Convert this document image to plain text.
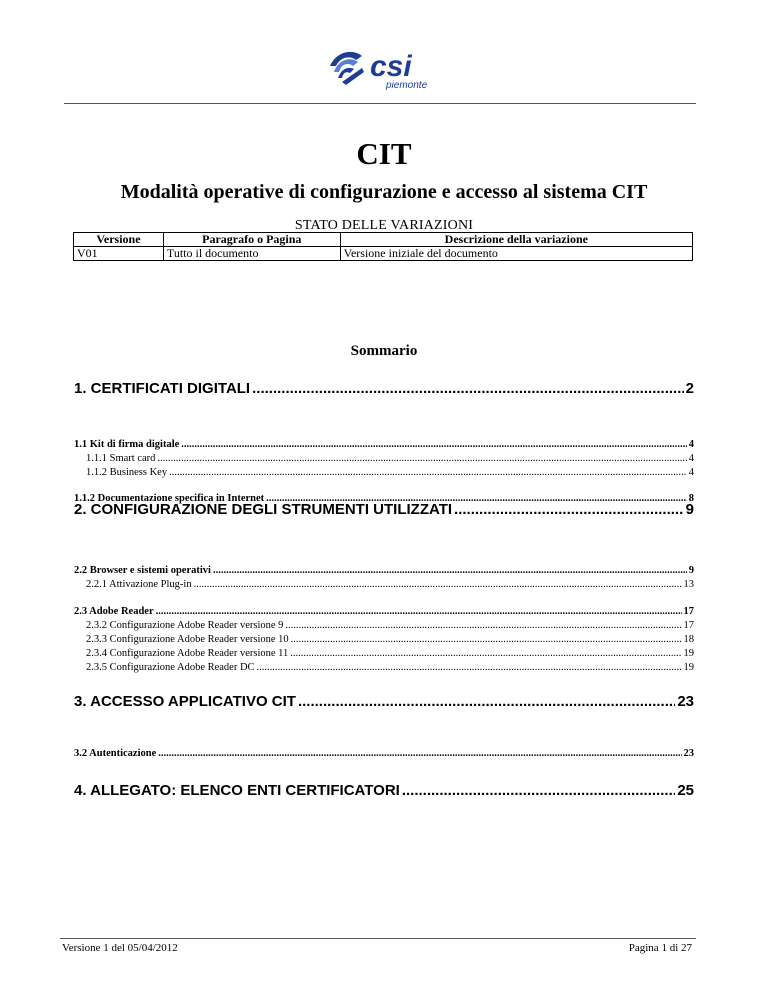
csi
piemonte
CIT
Modalità operative di configurazione e accesso al sistema CIT
STATO DELLE VARIAZIONI
Versione	Paragrafo o Pagina	Descrizione della variazione
V01	Tutto il documento	Versione iniziale del documento
Sommario
Versione 1 del 05/04/2012	Pagina 1 di 27
1. CERTIFICATI DIGITALI .....	2
1.1 Kit di firma digitale .....	4
1.1.1 Smart card .....	4
1.1.2 Business Key .....	4
1.1.2 Documentazione specifica in Internet .....	8
2. CONFIGURAZIONE DEGLI STRUMENTI UTILIZZATI .....	9
2.2 Browser e sistemi operativi .....	9
2.2.1 Attivazione Plug-in .....	13
2.3 Adobe Reader .....	17
2.3.2 Configurazione Adobe Reader versione 9 .....	17
2.3.3 Configurazione Adobe Reader versione 10 .....	18
2.3.4 Configurazione Adobe Reader versione 11 .....	19
2.3.5 Configurazione Adobe Reader DC .....	19
3. ACCESSO APPLICATIVO CIT .....	23
3.2 Autenticazione .....	23
4. ALLEGATO: ELENCO ENTI CERTIFICATORI .....	25
